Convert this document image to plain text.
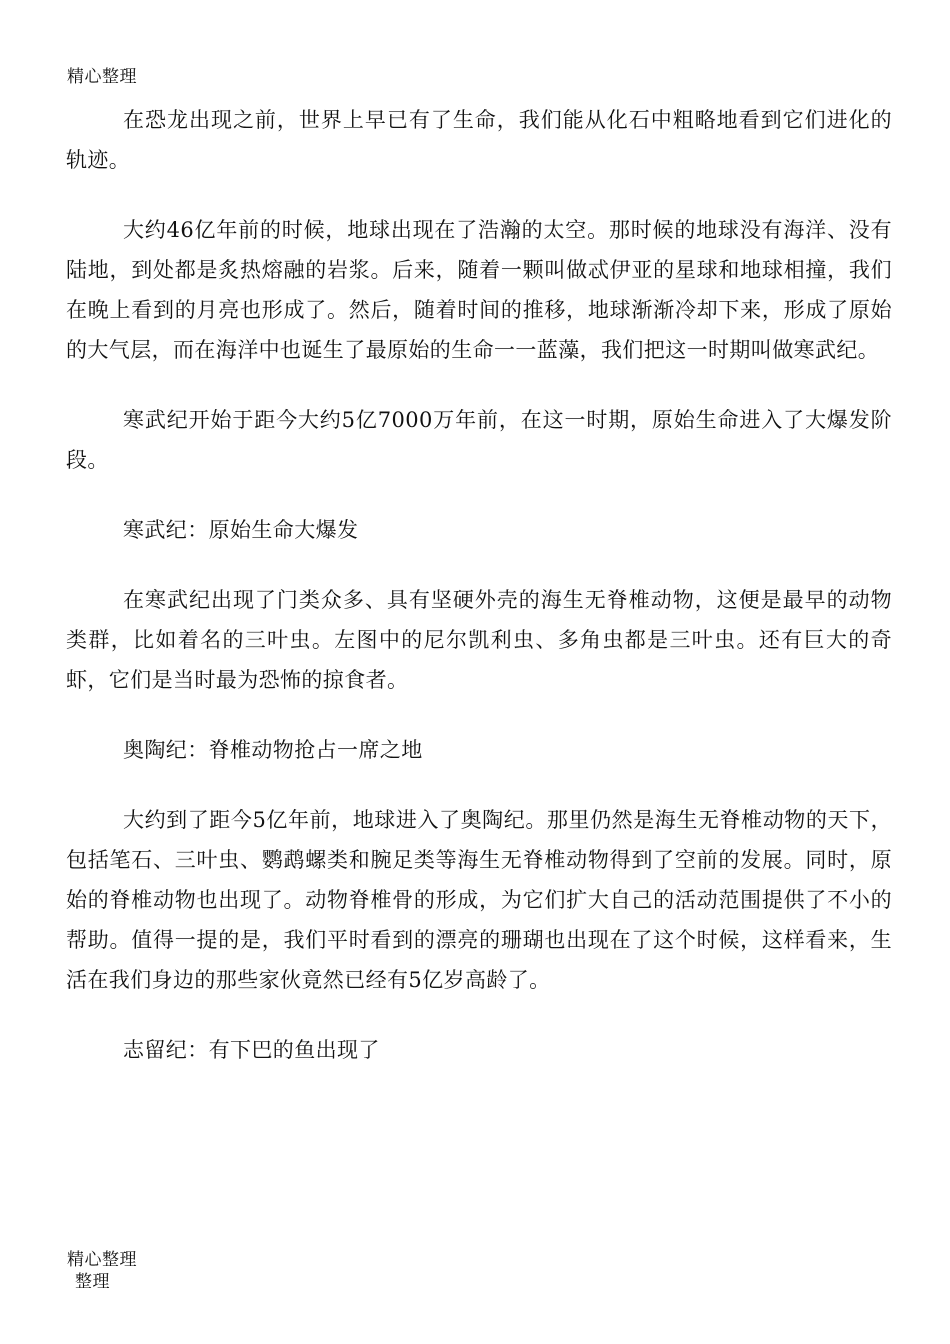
精心整理

在恐龙出现之前，世界上早已有了生命，我们能从化石中粗略地看到它们进化的轨迹。

大约46亿年前的时候，地球出现在了浩瀚的太空。那时候的地球没有海洋、没有陆地，到处都是炙热熔融的岩浆。后来，随着一颗叫做忒伊亚的星球和地球相撞，我们在晚上看到的月亮也形成了。然后，随着时间的推移，地球渐渐冷却下来，形成了原始的大气层，而在海洋中也诞生了最原始的生命一一蓝藻，我们把这一时期叫做寒武纪。

寒武纪开始于距今大约5亿7000万年前，在这一时期，原始生命进入了大爆发阶段。

寒武纪：原始生命大爆发

在寒武纪出现了门类众多、具有坚硬外壳的海生无脊椎动物，这便是最早的动物类群，比如着名的三叶虫。左图中的尼尔凯利虫、多角虫都是三叶虫。还有巨大的奇虾，它们是当时最为恐怖的掠食者。

奥陶纪：脊椎动物抢占一席之地

大约到了距今5亿年前，地球进入了奥陶纪。那里仍然是海生无脊椎动物的天下，包括笔石、三叶虫、鹦鹉螺类和腕足类等海生无脊椎动物得到了空前的发展。同时，原始的脊椎动物也出现了。动物脊椎骨的形成，为它们扩大自己的活动范围提供了不小的帮助。值得一提的是，我们平时看到的漂亮的珊瑚也出现在了这个时候，这样看来，生活在我们身边的那些家伙竟然已经有5亿岁高龄了。

志留纪：有下巴的鱼出现了

精心整理
整理
